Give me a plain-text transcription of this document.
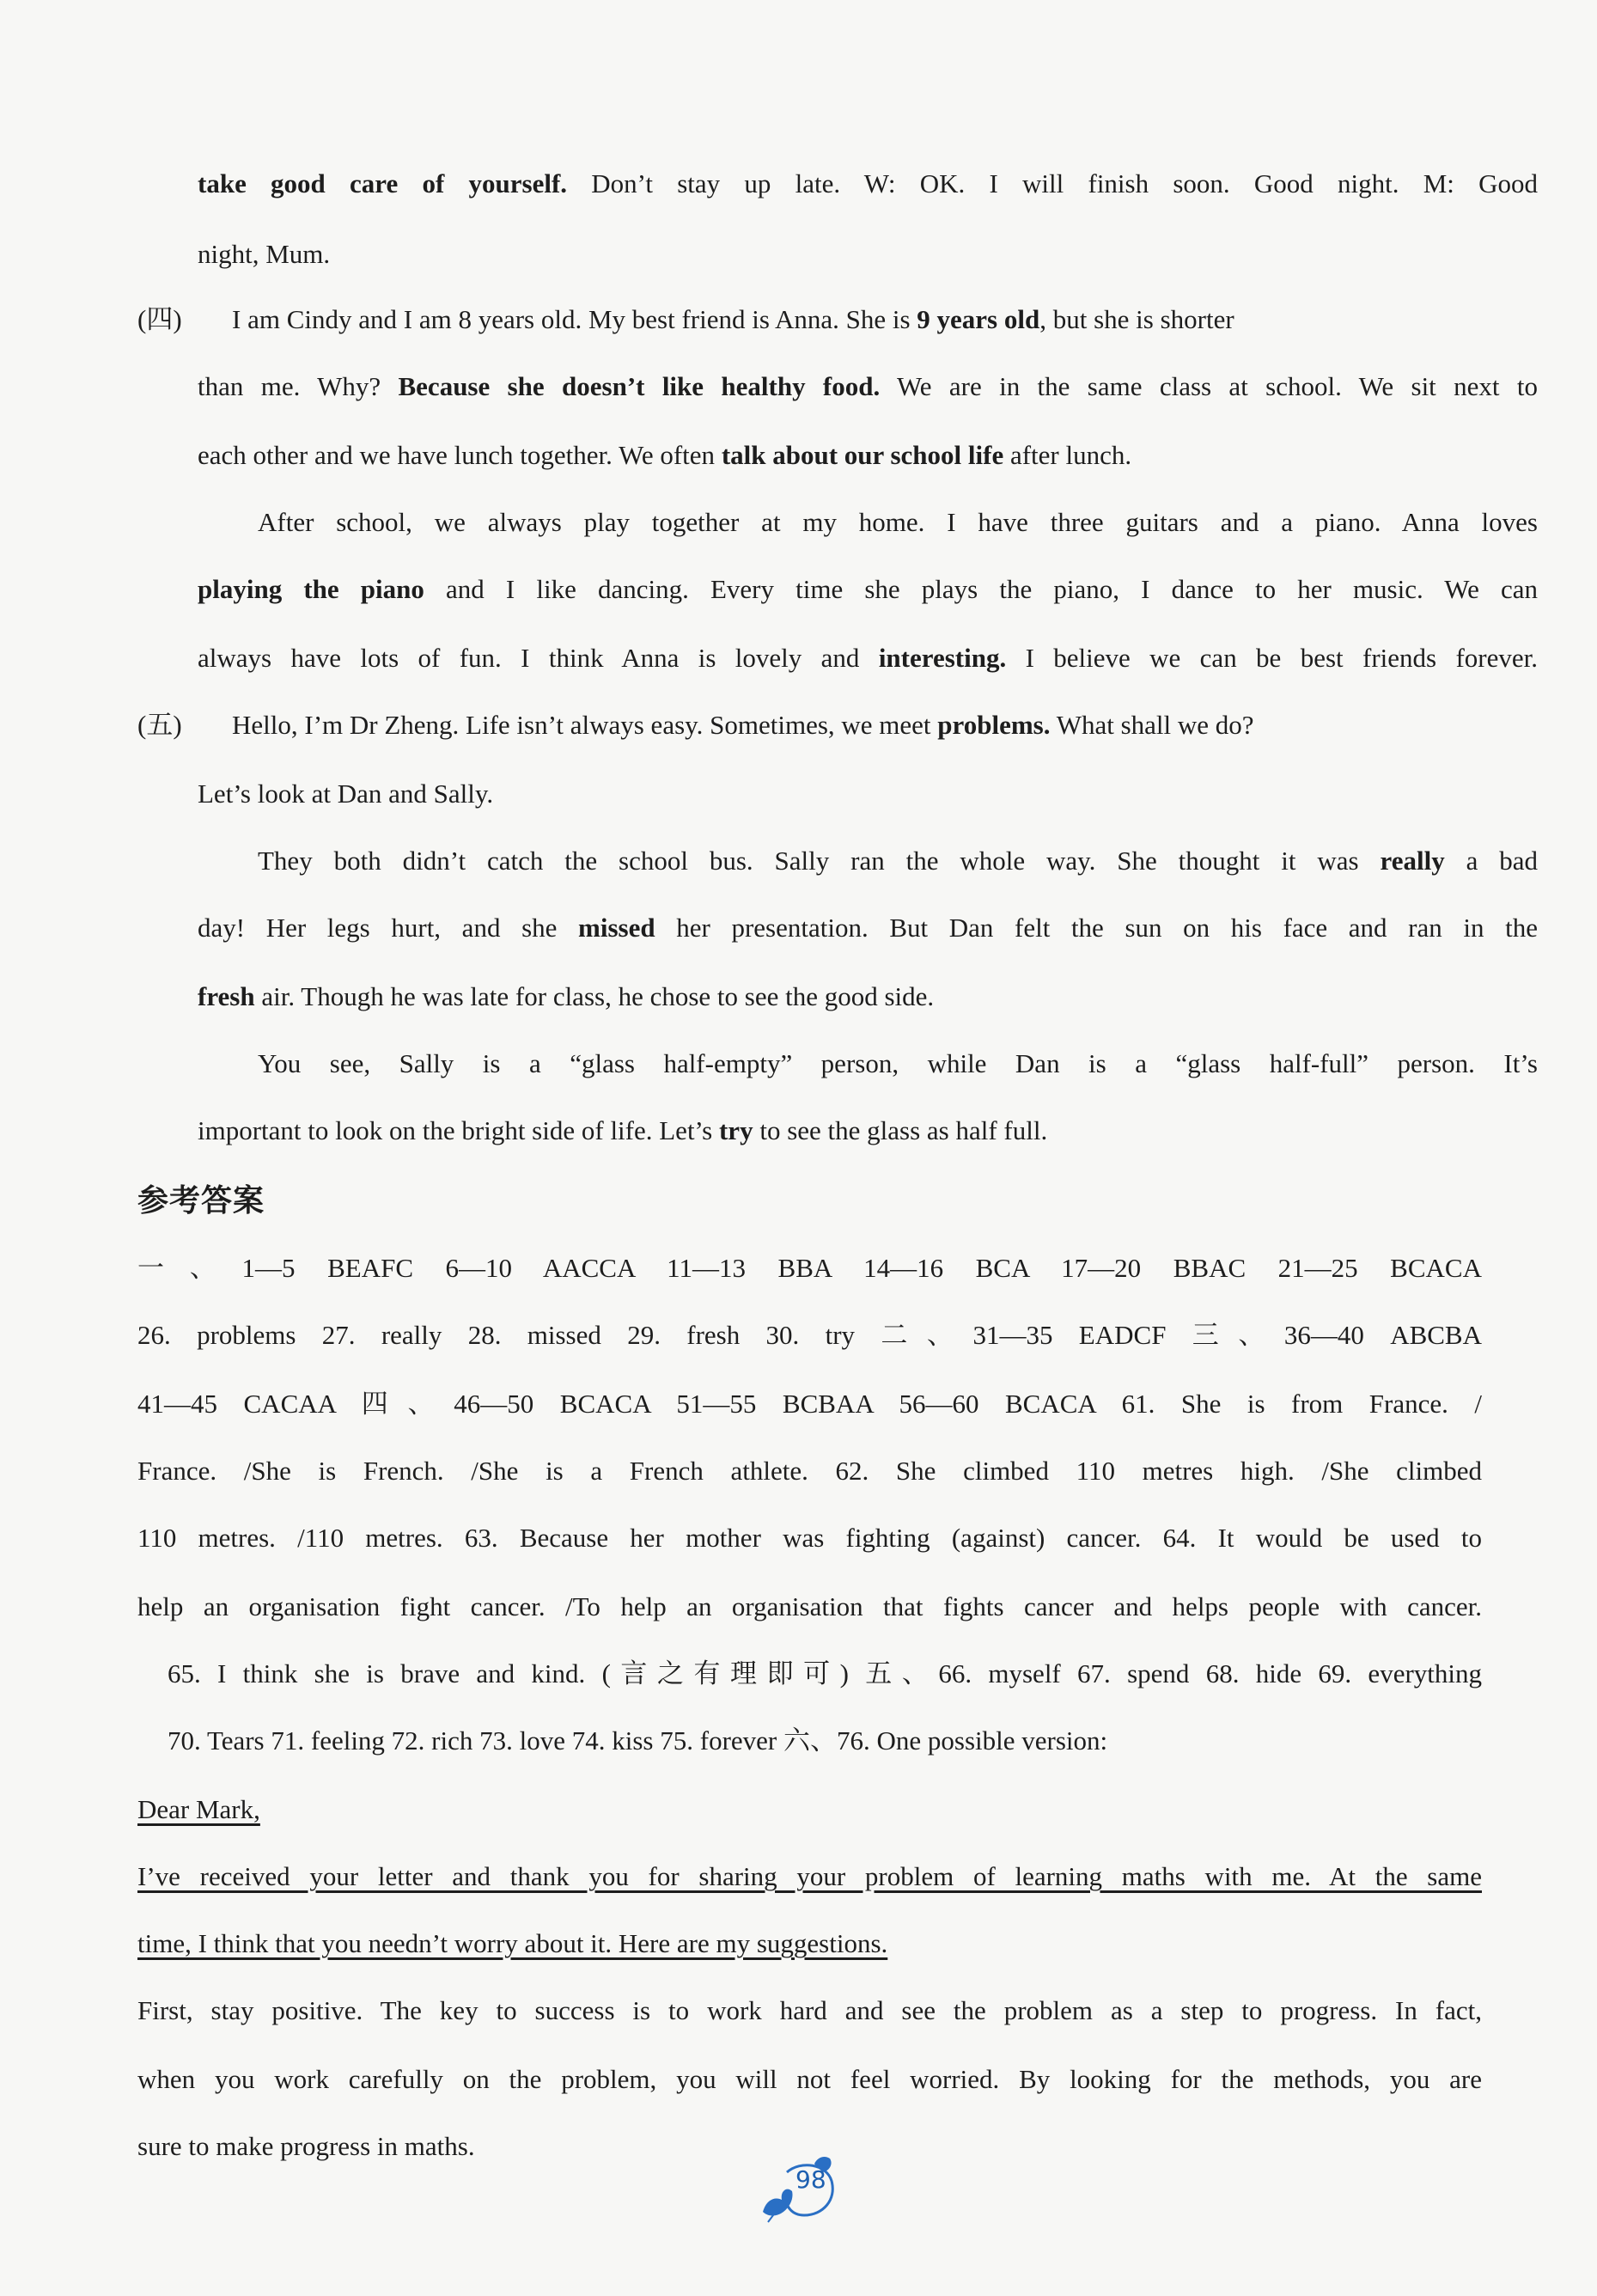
take good care of yourself. Don’t stay up late. W: OK. I will finish soon. Good night. M: Good
night, Mum.
(四) I am Cindy and I am 8 years old. My best friend is Anna. She is 9 years old, but she is shorter
than me. Why? Because she doesn’t like healthy food. We are in the same class at school. We sit next to
each other and we have lunch together. We often talk about our school life after lunch.
After school, we always play together at my home. I have three guitars and a piano. Anna loves
playing the piano and I like dancing. Every time she plays the piano, I dance to her music. We can
always have lots of fun. I think Anna is lovely and interesting. I believe we can be best friends forever.
(五) Hello, I’m Dr Zheng. Life isn’t always easy. Sometimes, we meet problems. What shall we do?
Let’s look at Dan and Sally.
They both didn’t catch the school bus. Sally ran the whole way. She thought it was really a bad
day! Her legs hurt, and she missed her presentation. But Dan felt the sun on his face and ran in the
fresh air. Though he was late for class, he chose to see the good side.
You see, Sally is a “glass half-empty” person, while Dan is a “glass half-full” person. It’s
important to look on the bright side of life. Let’s try to see the glass as half full.
参考答案
一、1—5 BEAFC 6—10 AACCA 11—13 BBA 14—16 BCA 17—20 BBAC 21—25 BCACA
26. problems 27. really 28. missed 29. fresh 30. try 二、31—35 EADCF 三、36—40 ABCBA
41—45 CACAA 四、46—50 BCACA 51—55 BCBAA 56—60 BCACA 61. She is from France. /
France. /She is French. /She is a French athlete. 62. She climbed 110 metres high. /She climbed
110 metres. /110 metres. 63. Because her mother was fighting (against) cancer. 64. It would be used to
help an organisation fight cancer. /To help an organisation that fights cancer and helps people with cancer.
65. I think she is brave and kind. (言之有理即可) 五、66. myself 67. spend 68. hide 69. everything
70. Tears 71. feeling 72. rich 73. love 74. kiss 75. forever 六、76. One possible version:
Dear Mark,
I’ve received your letter and thank you for sharing your problem of learning maths with me. At the same
time, I think that you needn’t worry about it. Here are my suggestions.
First, stay positive. The key to success is to work hard and see the problem as a step to progress. In fact,
when you work carefully on the problem, you will not feel worried. By looking for the methods, you are
sure to make progress in maths.
98
